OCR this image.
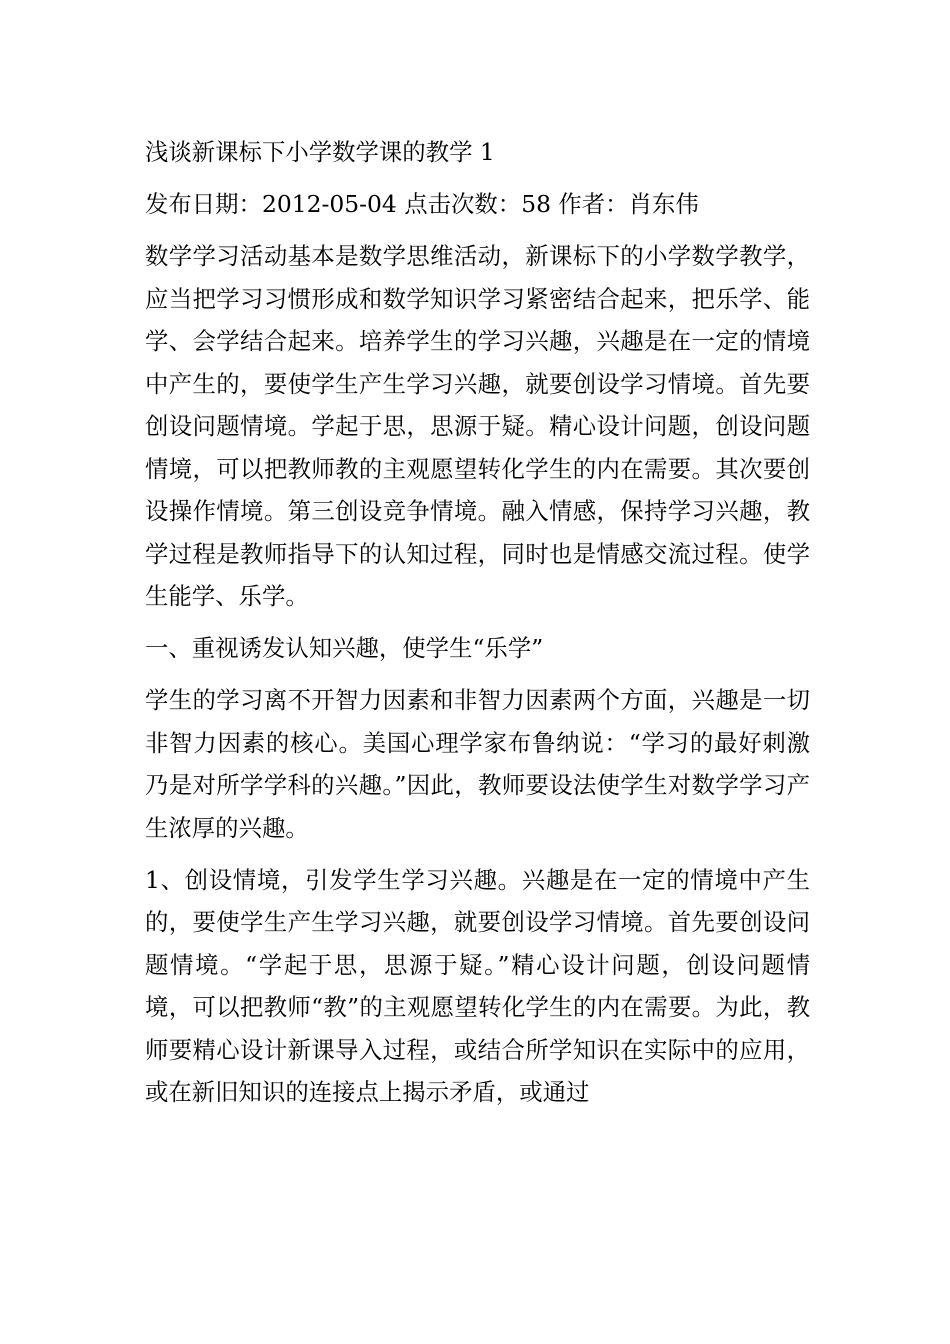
浅谈新课标下小学数学课的教学 1

发布日期：2012-05-04 点击次数：58 作者：肖东伟

数学学习活动基本是数学思维活动，新课标下的小学数学教学，应当把学习习惯形成和数学知识学习紧密结合起来，把乐学、能学、会学结合起来。培养学生的学习兴趣，兴趣是在一定的情境中产生的，要使学生产生学习兴趣，就要创设学习情境。首先要创设问题情境。学起于思，思源于疑。精心设计问题，创设问题情境，可以把教师教的主观愿望转化学生的内在需要。其次要创设操作情境。第三创设竞争情境。融入情感，保持学习兴趣，教学过程是教师指导下的认知过程，同时也是情感交流过程。使学生能学、乐学。

一、重视诱发认知兴趣，使学生“乐学”

学生的学习离不开智力因素和非智力因素两个方面，兴趣是一切非智力因素的核心。美国心理学家布鲁纳说：“学习的最好刺激乃是对所学学科的兴趣。”因此，教师要设法使学生对数学学习产生浓厚的兴趣。

1、创设情境，引发学生学习兴趣。兴趣是在一定的情境中产生的，要使学生产生学习兴趣，就要创设学习情境。首先要创设问题情境。“学起于思，思源于疑。”精心设计问题，创设问题情境，可以把教师“教”的主观愿望转化学生的内在需要。为此，教师要精心设计新课导入过程，或结合所学知识在实际中的应用，或在新旧知识的连接点上揭示矛盾，或通过
